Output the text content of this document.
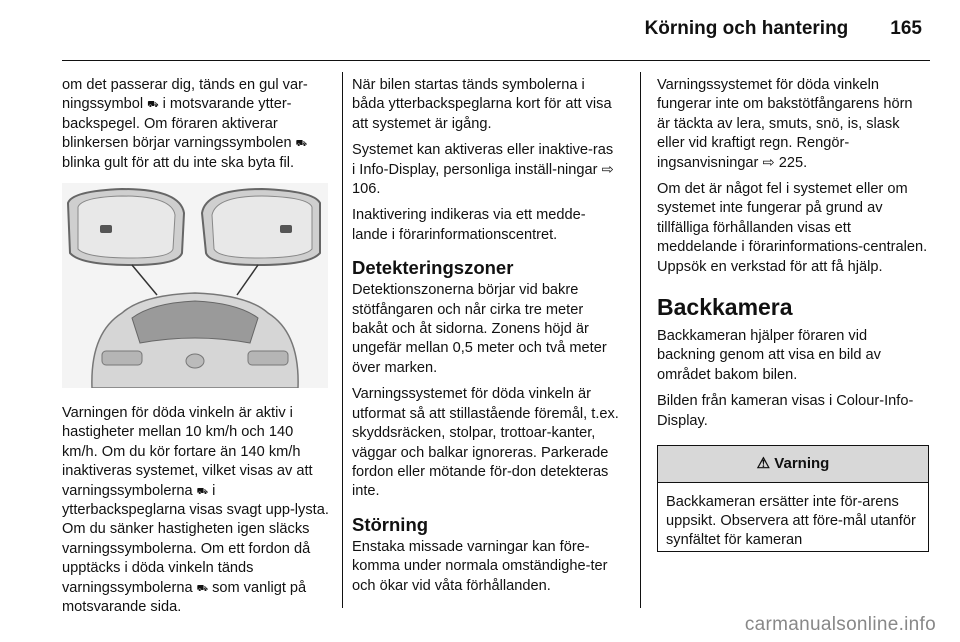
Körning och hantering 165

om det passerar dig, tänds en gul var-ningssymbol ⛟ i motsvarande ytter-backspegel. Om föraren aktiverar blinkersen börjar varningssymbolen ⛟ blinka gult för att du inte ska byta fil.

Varningen för döda vinkeln är aktiv i hastigheter mellan 10 km/h och 140 km/h. Om du kör fortare än 140 km/h inaktiveras systemet, vilket visas av att varningssymbolerna ⛟ i ytterbackspeglarna visas svagt upp-lysta. Om du sänker hastigheten igen släcks varningssymbolerna. Om ett fordon då upptäcks i döda vinkeln tänds varningssymbolerna ⛟ som vanligt på motsvarande sida.

När bilen startas tänds symbolerna i båda ytterbackspeglarna kort för att visa att systemet är igång.

Systemet kan aktiveras eller inaktive-ras i Info-Display, personliga inställ-ningar ⇨ 106.

Inaktivering indikeras via ett medde-lande i förarinformationscentret.

Detekteringszoner

Detektionszonerna börjar vid bakre stötfångaren och når cirka tre meter bakåt och åt sidorna. Zonens höjd är ungefär mellan 0,5 meter och två meter över marken.

Varningssystemet för döda vinkeln är utformat så att stillastående föremål, t.ex. skyddsräcken, stolpar, trottoar-kanter, väggar och balkar ignoreras. Parkerade fordon eller mötande för-don detekteras inte.

Störning

Enstaka missade varningar kan före-komma under normala omständighe-ter och ökar vid våta förhållanden.

Varningssystemet för döda vinkeln fungerar inte om bakstötfångarens hörn är täckta av lera, smuts, snö, is, slask eller vid kraftigt regn. Rengör-ingsanvisningar ⇨ 225.

Om det är något fel i systemet eller om systemet inte fungerar på grund av tillfälliga förhållanden visas ett meddelande i förarinformations-centralen. Uppsök en verkstad för att få hjälp.

Backkamera

Backkameran hjälper föraren vid backning genom att visa en bild av området bakom bilen.

Bilden från kameran visas i Colour-Info-Display.

⚠ Varning
Backkameran ersätter inte för-arens uppsikt. Observera att före-mål utanför synfältet för kameran
carmanualsonline.info
